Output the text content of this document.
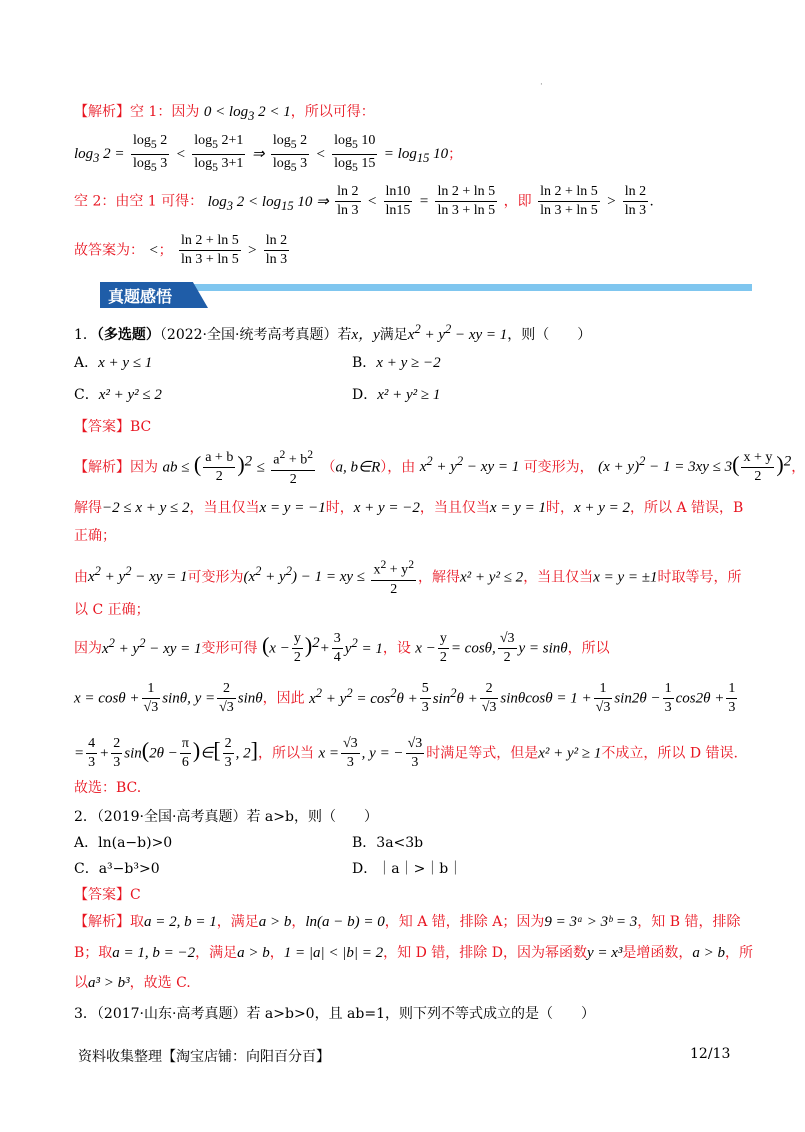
·
【解析】空 1：因为 $0 < \log_3 2 < 1$，所以可得：
$\log_3 2 = \frac{\log_5 2}{\log_5 3} < \frac{\log_5 2+1}{\log_5 3+1}$ ⇒ $\frac{\log_5 2}{\log_5 3} < \frac{\log_5 10}{\log_5 15} = \log_{15} 10$；
空 2：由空 1 可得： $\log_3 2 < \log_{15} 10$ ⇒ $\frac{\ln 2}{\ln 3} < \frac{\ln 10}{\ln 15} = \frac{\ln 2 + \ln 5}{\ln 3 + \ln 5}$ ，即 $\frac{\ln 2 + \ln 5}{\ln 3 + \ln 5} > \frac{\ln 2}{\ln 3}$ .
故答案为： <； $\frac{\ln 2 + \ln 5}{\ln 3 + \ln 5} > \frac{\ln 2}{\ln 3}$
真题感悟
1．（多选题）（2022·全国·统考高考真题）若x，y满足$x^2 + y^2$ − xy = 1，则（　　）
A．x + y ≤ 1	B．x + y ≥ −2
C．x² + y² ≤ 2	D．x² + y² ≥ 1
【答案】BC
【解析】因为 ab ≤ ( $\frac{a + b}{2} )^2 \le \frac{a^2 + b^2}{2} (a$, b∈R），由 $x^2 + y^2$ − xy = 1 可变形为， $(x + y)^2 - 1 = 3xy \le 3( \frac{x + y}{2} )^2$，
解得−2 ≤ x + y ≤ 2，当且仅当x = y = −1时，x + y = −2，当且仅当x = y = 1时，x + y = 2，所以 A 错误，B
正确；
由$x^2 + y^2$ − xy = 1可变形为$(x^2 + y^2) - 1$ = xy ≤ $\frac{x^2 + y^2}{2}$ ，解得x² + y² ≤ 2，当且仅当x = y = ±1时取等号，所
以 C 正确；
因为$x^2 + y^2$ − xy = 1变形可得 $(x - \frac{y}{2} )^2+ \frac{3}{4} y^2 = 1$，设 $x - \frac{y}{2} = \cos\theta$, $\frac{√3}{2}$ y = sinθ，所以
$x = \cos\theta + \frac{1}{√3} \sin\theta$, $y = \frac{2}{√3}$ sinθ，因此 $x^2 + y^2 = \cos^2\theta + \frac{5}{3} \sin^2\theta + \frac{2}{√3}$ $\sin\theta\cos\theta = 1 + \frac{1}{√3} \sin 2\theta - \frac{1}{3} \cos 2\theta + \frac{1}{3}$
= $\frac{4}{3} + \frac{2}{3} \sin(2\theta - \frac{\pi}{6}$ )∈[ $\frac{2}{3}$ , 2]，所以当 $x = \frac{√3}{3}$ , y = − $\frac{√3}{3}$ 时满足等式，但是x² + y² ≥ 1不成立，所以 D 错误.
故选：BC.
2．（2019·全国·高考真题）若 a>b，则（　　）
A．ln(a−b)>0	B．3a<3b
C．a³−b³>0	D．｜a｜>｜b｜
【答案】C
【解析】取a = 2, b = 1，满足a > b，ln(a − b) = 0，知 A 错，排除 A；因为9 = 3ᵃ > 3ᵇ = 3，知 B 错，排除
B；取a = 1, b = −2，满足a > b，1 = |a| < |b| = 2，知 D 错，排除 D，因为幂函数y = x³是增函数，a > b，所
以a³ > b³，故选 C.
3．（2017·山东·高考真题）若 a>b>0，且 ab=1，则下列不等式成立的是（　　）
资料收集整理【淘宝店铺：向阳百分百】	12/13
